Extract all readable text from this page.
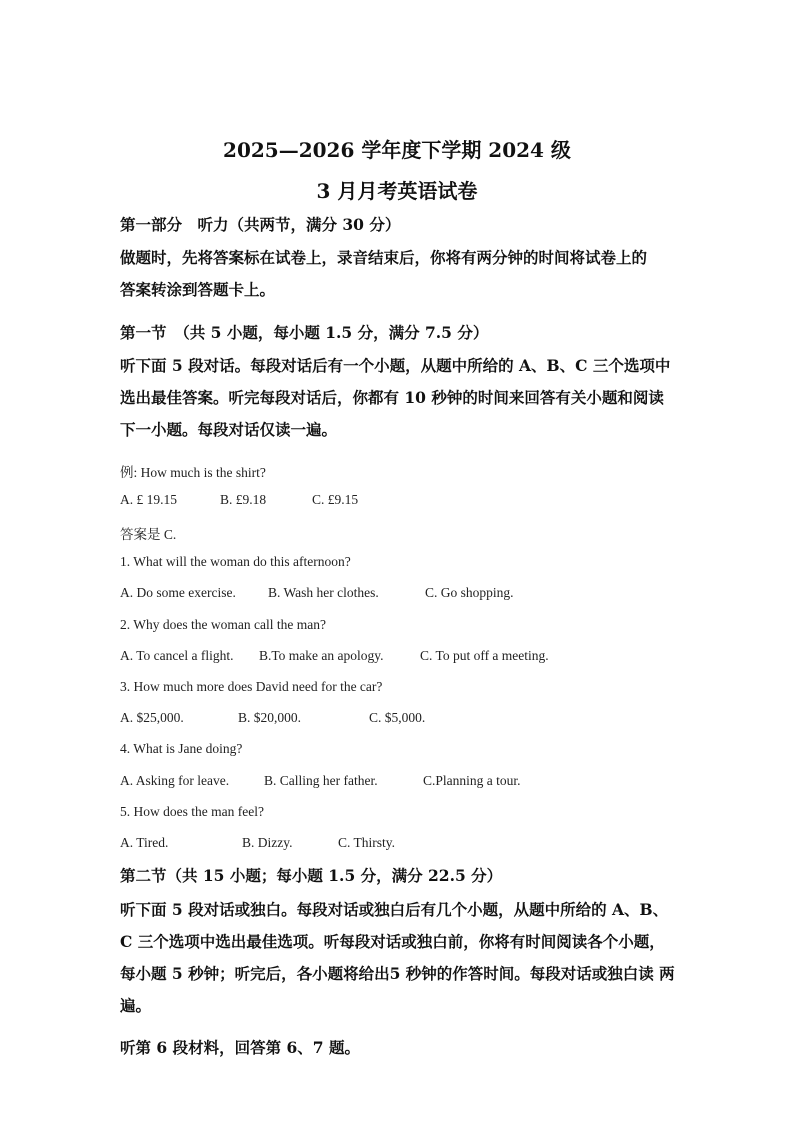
2025—2026 学年度下学期 2024 级
3 月月考英语试卷
第一部分　听力（共两节，满分 30 分）
做题时，先将答案标在试卷上，录音结束后，你将有两分钟的时间将试卷上的
答案转涂到答题卡上。
第一节　（共 5 小题，每小题 1.5 分，满分 7.5 分）
听下面 5 段对话。每段对话后有一个小题，从题中所给的 A、B、C 三个选项中
选出最佳答案。听完每段对话后，你都有 10 秒钟的时间来回答有关小题和阅读
下一小题。每段对话仅读一遍。
例: How much is the shirt?
A. £ 19.15	B. £9.18	C. £9.15
答案是 C.
1. What will the woman do this afternoon?
A. Do some exercise. B. Wash her clothes.	C. Go shopping.
2. Why does the woman call the man?
A. To cancel a flight. B.To make an apology.	C. To put off a meeting.
3. How much more does David need for the car?
A. $25,000.	B. $20,000.	C. $5,000.
4. What is Jane doing?
A. Asking for leave.	B. Calling her father.	C.Planning a tour.
5. How does the man feel?
A. Tired.	B. Dizzy.	C. Thirsty.
第二节（共 15 小题；每小题 1.5 分，满分 22.5 分）
听下面 5 段对话或独白。每段对话或独白后有几个小题，从题中所给的 A、B、
C 三个选项中选出最佳选项。听每段对话或独白前，你将有时间阅读各个小题，
每小题 5 秒钟；听完后，各小题将给出5 秒钟的作答时间。每段对话或独白读 两
遍。
听第 6 段材料，回答第 6、7 题。
